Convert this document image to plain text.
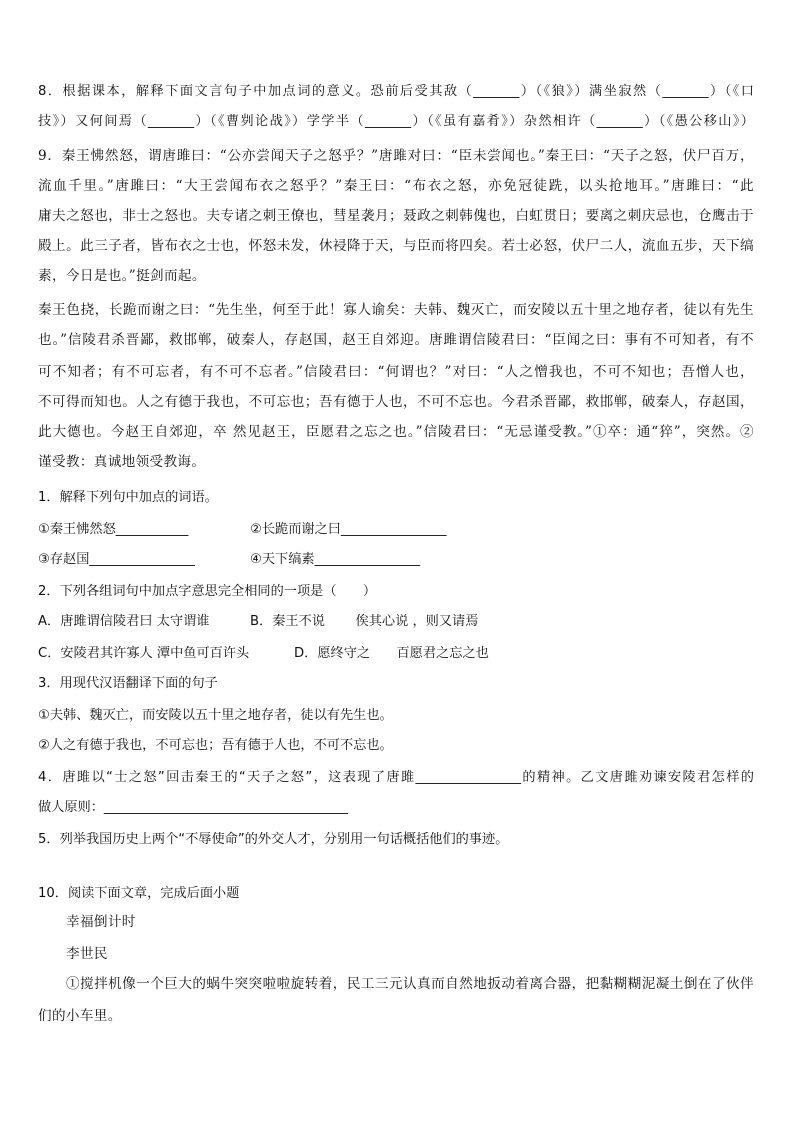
8．根据课本，解释下面文言句子中加点词的意义。恐前后受其敌（_______）（《狼》）满坐寂然（_______）（《口
技》）又何间焉（_______）（《曹刿论战》）学学半（_______）（《虽有嘉肴》）杂然相许（_______）（《愚公移山》）
9．秦王怫然怒，谓唐雎曰：“公亦尝闻天子之怒乎？”唐雎对曰：“臣未尝闻也。”秦王曰：“天子之怒，伏尸百万，
流血千里。”唐雎曰：“大王尝闻布衣之怒乎？”秦王曰：“布衣之怒，亦免冠徒跣，以头抢地耳。”唐雎曰：“此
庸夫之怒也，非士之怒也。夫专诸之刺王僚也，彗星袭月；聂政之刺韩傀也，白虹贯日；要离之刺庆忌也，仓鹰击于
殿上。此三子者，皆布衣之士也，怀怒未发，休祲降于天，与臣而将四矣。若士必怒，伏尸二人，流血五步，天下缟
素，今日是也。”挺剑而起。
秦王色挠，长跪而谢之曰：“先生坐，何至于此！寡人谕矣：夫韩、魏灭亡，而安陵以五十里之地存者，徒以有先生
也。”信陵君杀晋鄙，救邯郸，破秦人，存赵国，赵王自郊迎。唐雎谓信陵君曰：“臣闻之曰：事有不可知者，有不
可不知者；有不可忘者，有不可不忘者。”信陵君曰：“何谓也？”对曰：“人之憎我也，不可不知也；吾憎人也，
不可得而知也。人之有德于我也，不可忘也；吾有德于人也，不可不忘也。今君杀晋鄙，救邯郸，破秦人，存赵国，
此大德也。今赵王自郊迎，卒 然见赵王，臣愿君之忘之也。”信陵君曰：“无忌谨受教。”①卒：通“猝”，突然。②
谨受教：真诚地领受教诲。
1．解释下列句中加点的词语。
①秦王怫然怒___________	②长跪而谢之曰________________
③存赵国________________	④天下缟素________________
2．下列各组词句中加点字意思完全相同的一项是（　　）
A．唐雎谓信陵君曰 太守谓谁	B．秦王不说　　 俟其心说 ，则又请焉
C．安陵君其许寡人 潭中鱼可百许头	D．愿终守之　　百愿君之忘之也
3．用现代汉语翻译下面的句子
①夫韩、魏灭亡，而安陵以五十里之地存者，徒以有先生也。
②人之有德于我也，不可忘也；吾有德于人也，不可不忘也。
4．唐雎以“士之怒”回击秦王的“天子之怒”，这表现了唐雎________________的精神。乙文唐雎劝谏安陵君怎样的
做人原则：_____________________________________
5．列举我国历史上两个“不辱使命”的外交人才，分别用一句话概括他们的事迹。
10．阅读下面文章，完成后面小题
幸福倒计时
李世民
①搅拌机像一个巨大的蜗牛突突啦啦旋转着，民工三元认真而自然地扳动着离合器，把黏糊糊泥凝土倒在了伙伴
们的小车里。
